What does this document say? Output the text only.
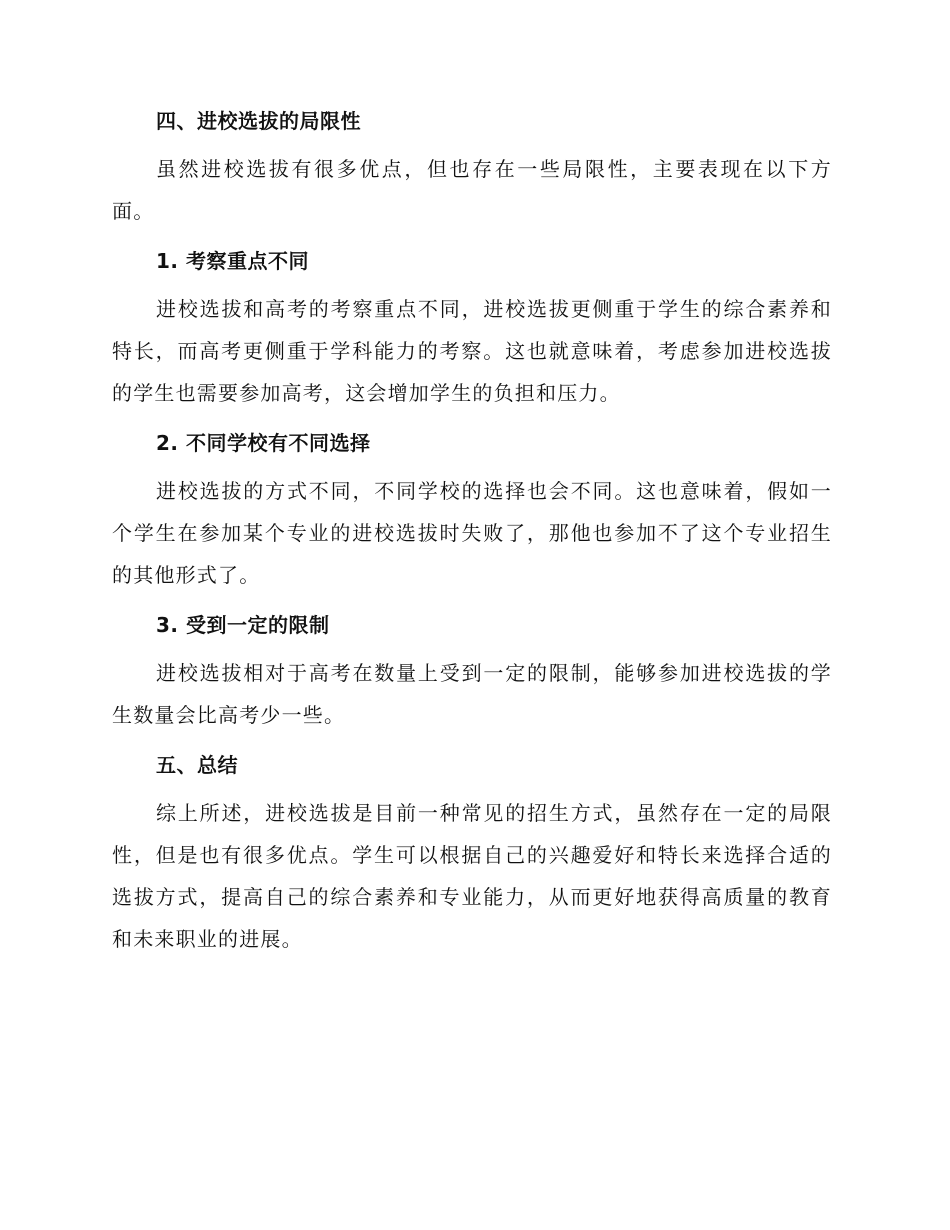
四、进校选拔的局限性

虽然进校选拔有很多优点，但也存在一些局限性，主要表现在以下方面。

1. 考察重点不同

进校选拔和高考的考察重点不同，进校选拔更侧重于学生的综合素养和特长，而高考更侧重于学科能力的考察。这也就意味着，考虑参加进校选拔的学生也需要参加高考，这会增加学生的负担和压力。

2. 不同学校有不同选择

进校选拔的方式不同，不同学校的选择也会不同。这也意味着，假如一个学生在参加某个专业的进校选拔时失败了，那他也参加不了这个专业招生的其他形式了。

3. 受到一定的限制

进校选拔相对于高考在数量上受到一定的限制，能够参加进校选拔的学生数量会比高考少一些。

五、总结

综上所述，进校选拔是目前一种常见的招生方式，虽然存在一定的局限性，但是也有很多优点。学生可以根据自己的兴趣爱好和特长来选择合适的选拔方式，提高自己的综合素养和专业能力，从而更好地获得高质量的教育和未来职业的进展。
